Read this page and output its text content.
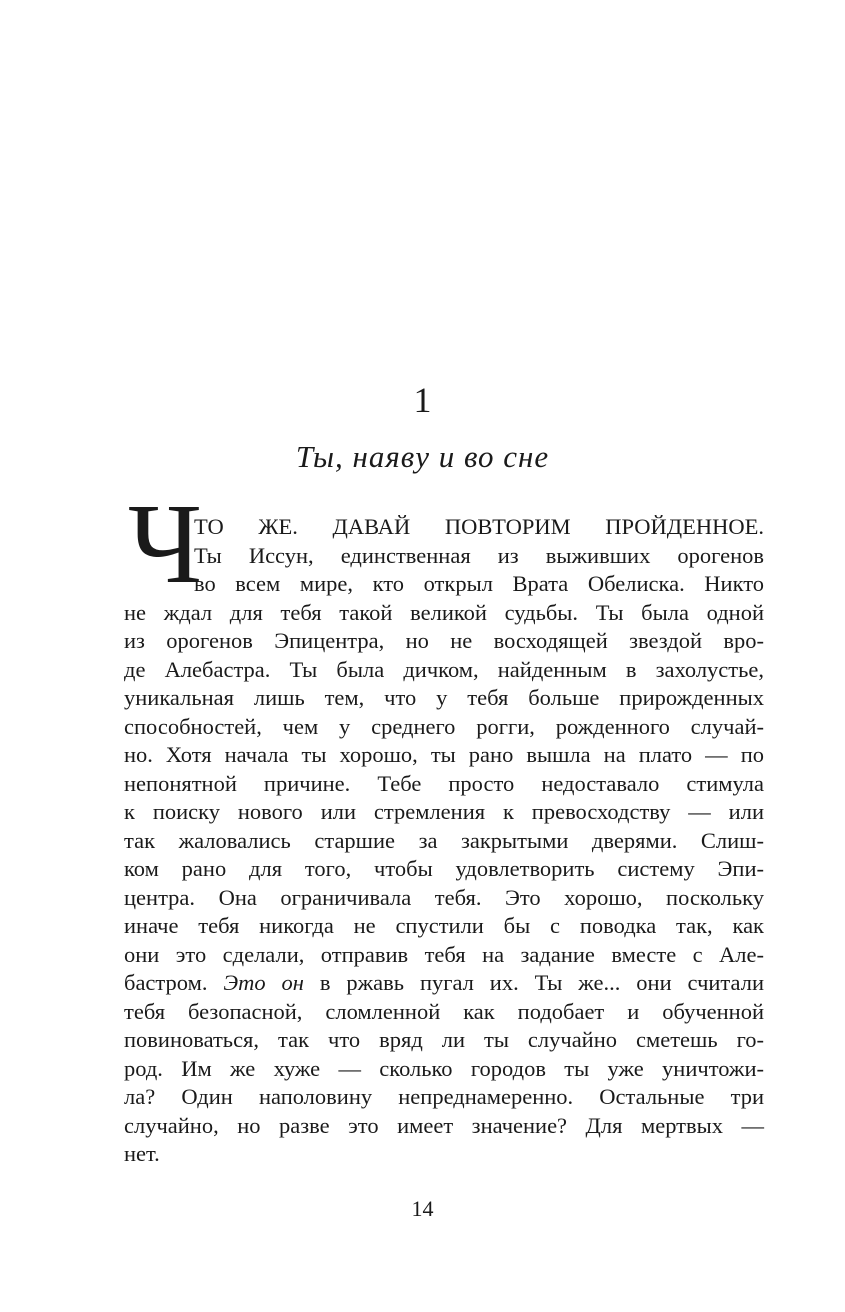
1
Ты, наяву и во сне
Ч
ТО ЖЕ. ДАВАЙ ПОВТОРИМ ПРОЙДЕННОЕ.
Ты Иссун, единственная из выживших орогенов
во всем мире, кто открыл Врата Обелиска. Никто
не ждал для тебя такой великой судьбы. Ты была одной
из орогенов Эпицентра, но не восходящей звездой вро-
де Алебастра. Ты была дичком, найденным в захолустье,
уникальная лишь тем, что у тебя больше прирожденных
способностей, чем у среднего рогги, рожденного случай-
но. Хотя начала ты хорошо, ты рано вышла на плато — по
непонятной причине. Тебе просто недоставало стимула
к поиску нового или стремления к превосходству — или
так жаловались старшие за закрытыми дверями. Слиш-
ком рано для того, чтобы удовлетворить систему Эпи-
центра. Она ограничивала тебя. Это хорошо, поскольку
иначе тебя никогда не спустили бы с поводка так, как
они это сделали, отправив тебя на задание вместе с Але-
бастром. Это он в ржавь пугал их. Ты же... они считали
тебя безопасной, сломленной как подобает и обученной
повиноваться, так что вряд ли ты случайно сметешь го-
род. Им же хуже — сколько городов ты уже уничтожи-
ла? Один наполовину непреднамеренно. Остальные три
случайно, но разве это имеет значение? Для мертвых —
нет.
14
